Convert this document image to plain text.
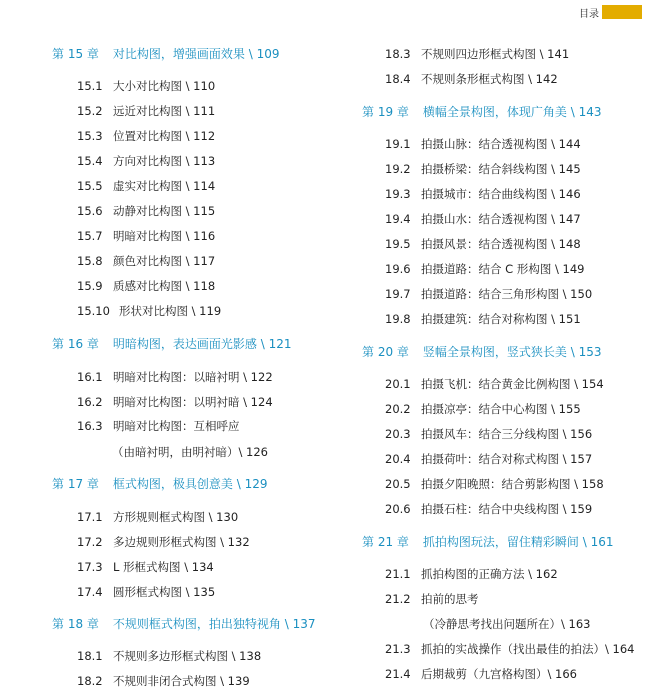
目录
第 15 章 对比构图，增强画面效果 \ 109
15.1 大小对比构图 \ 110
15.2 远近对比构图 \ 111
15.3 位置对比构图 \ 112
15.4 方向对比构图 \ 113
15.5 虚实对比构图 \ 114
15.6 动静对比构图 \ 115
15.7 明暗对比构图 \ 116
15.8 颜色对比构图 \ 117
15.9 质感对比构图 \ 118
15.10 形状对比构图 \ 119
第 16 章 明暗构图，表达画面光影感 \ 121
16.1 明暗对比构图：以暗衬明 \ 122
16.2 明暗对比构图：以明衬暗 \ 124
16.3 明暗对比构图：互相呼应
（由暗衬明，由明衬暗）\ 126
第 17 章 框式构图，极具创意美 \ 129
17.1 方形规则框式构图 \ 130
17.2 多边规则形框式构图 \ 132
17.3 L 形框式构图 \ 134
17.4 圆形框式构图 \ 135
第 18 章 不规则框式构图，拍出独特视角 \ 137
18.1 不规则多边形框式构图 \ 138
18.2 不规则非闭合式构图 \ 139
18.3 不规则四边形框式构图 \ 141
18.4 不规则条形框式构图 \ 142
第 19 章 横幅全景构图，体现广角美 \ 143
19.1 拍摄山脉：结合透视构图 \ 144
19.2 拍摄桥梁：结合斜线构图 \ 145
19.3 拍摄城市：结合曲线构图 \ 146
19.4 拍摄山水：结合透视构图 \ 147
19.5 拍摄风景：结合透视构图 \ 148
19.6 拍摄道路：结合 C 形构图 \ 149
19.7 拍摄道路：结合三角形构图 \ 150
19.8 拍摄建筑：结合对称构图 \ 151
第 20 章 竖幅全景构图，竖式狭长美 \ 153
20.1 拍摄飞机：结合黄金比例构图 \ 154
20.2 拍摄凉亭：结合中心构图 \ 155
20.3 拍摄风车：结合三分线构图 \ 156
20.4 拍摄荷叶：结合对称式构图 \ 157
20.5 拍摄夕阳晚照：结合剪影构图 \ 158
20.6 拍摄石柱：结合中央线构图 \ 159
第 21 章 抓拍构图玩法，留住精彩瞬间 \ 161
21.1 抓拍构图的正确方法 \ 162
21.2 拍前的思考
（冷静思考找出问题所在）\ 163
21.3 抓拍的实战操作（找出最佳的拍法）\ 164
21.4 后期裁剪（九宫格构图）\ 166
